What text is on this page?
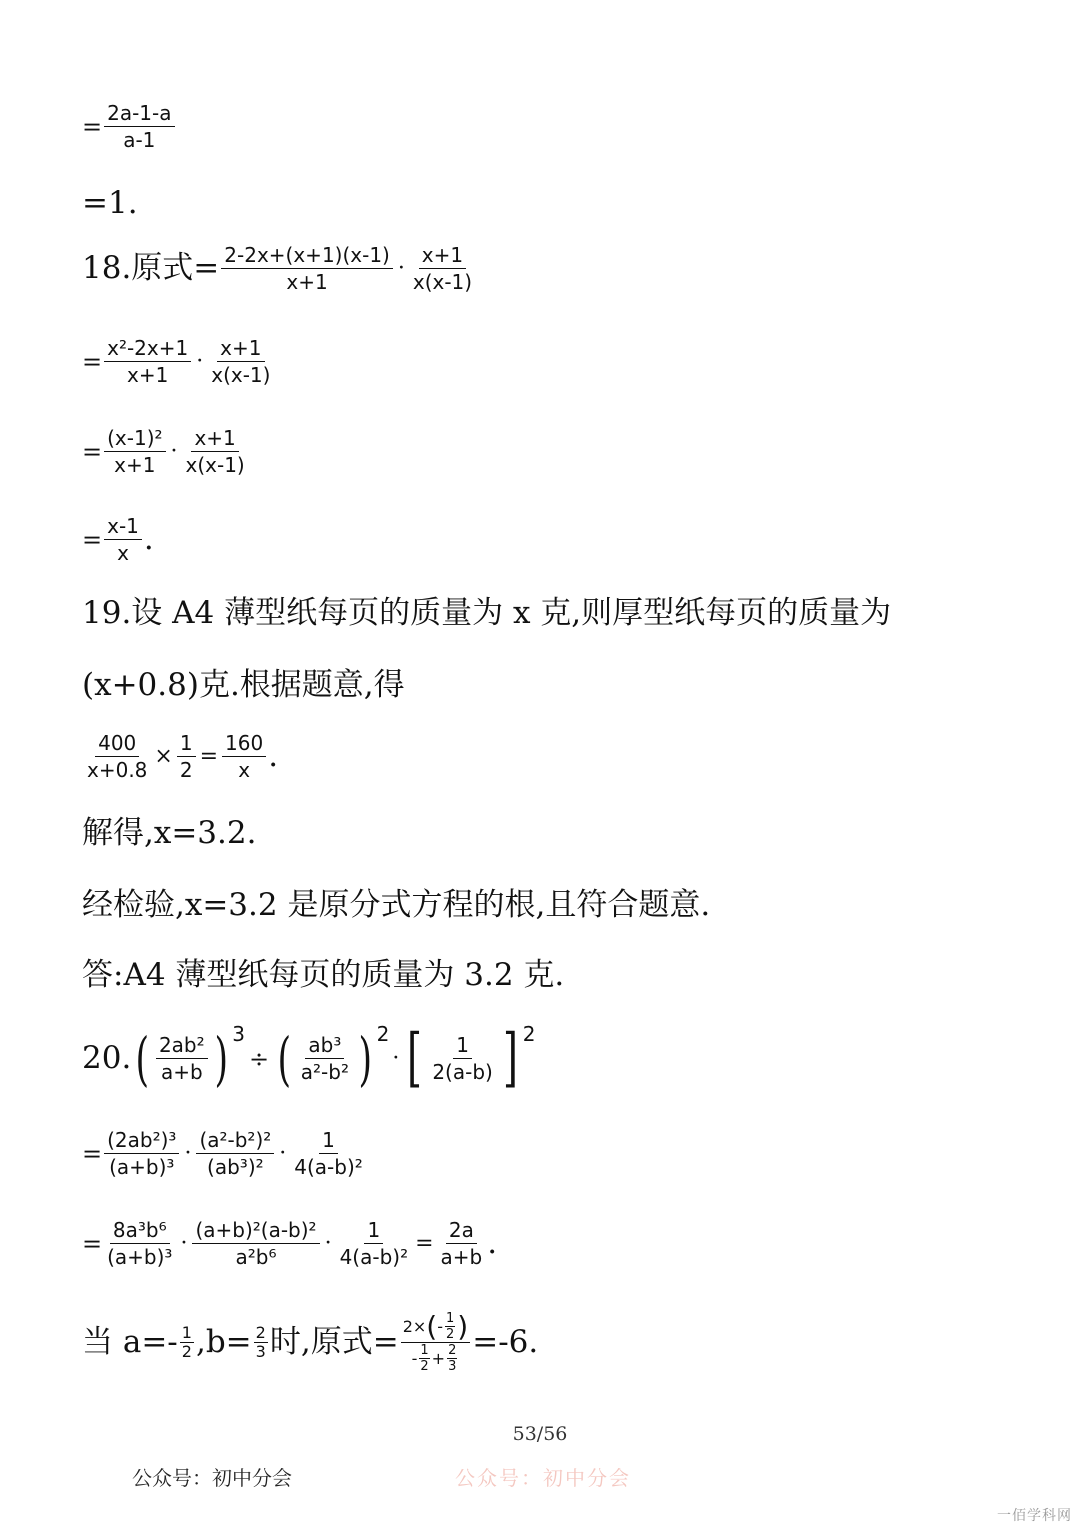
= $\frac{2a-1-a}{a-1}$
=1.
18.原式= $\frac{2-2x+(x+1)(x-1)}{x+1} \cdot \frac{x+1}{x(x-1)}$
= $\frac{\text{x²-2x+1}}{x+1} \cdot \frac{x+1}{x(x-1)}$
= $\frac{\text{(x-1)²}}{x+1} \cdot \frac{x+1}{x(x-1)}$
= $\frac{x-1}{x}$ .
19.设 A4 薄型纸每页的质量为 x 克,则厚型纸每页的质量为
(x+0.8)克.根据题意,得
$\frac{400}{x+0.8} \times \frac{1}{2} = \frac{160}{x}$ .
解得,x=3.2.
经检验,x=3.2 是原分式方程的根,且符合题意.
答:A4 薄型纸每页的质量为 3.2 克.
20. ( $\frac{\text{2ab²}}{a+b}$ ) 3
÷ ( $\frac{\text{ab³}}{\text{a²-b²}}$ ) 2
· [ $\frac{1}{2(a-b)}$ ] 2
= $\frac{\text{(2ab²)³}}{\text{(a+b)³}} \cdot \frac{\text{(a²-b²)²}}{\text{(ab³)²}} \cdot \frac{1}{\text{4(a-b)²}}$
= $\frac{\text{8a³b⁶}}{\text{(a+b)³}} \cdot \frac{\text{(a+b)²(a-b)²}}{\text{a²b⁶}} \cdot \frac{1}{\text{4(a-b)²}} = \frac{2a}{a+b}$ .
当 $a=- \frac{1}{2} ,b= \frac{2}{3}$ 时,原式= 2× ( - $\frac{1}{2}$ )
- $\frac{1}{2} + \frac{2}{3} =-6$.
53/56
公众号：初中分会	公众号：初中分会
一佰学科网
